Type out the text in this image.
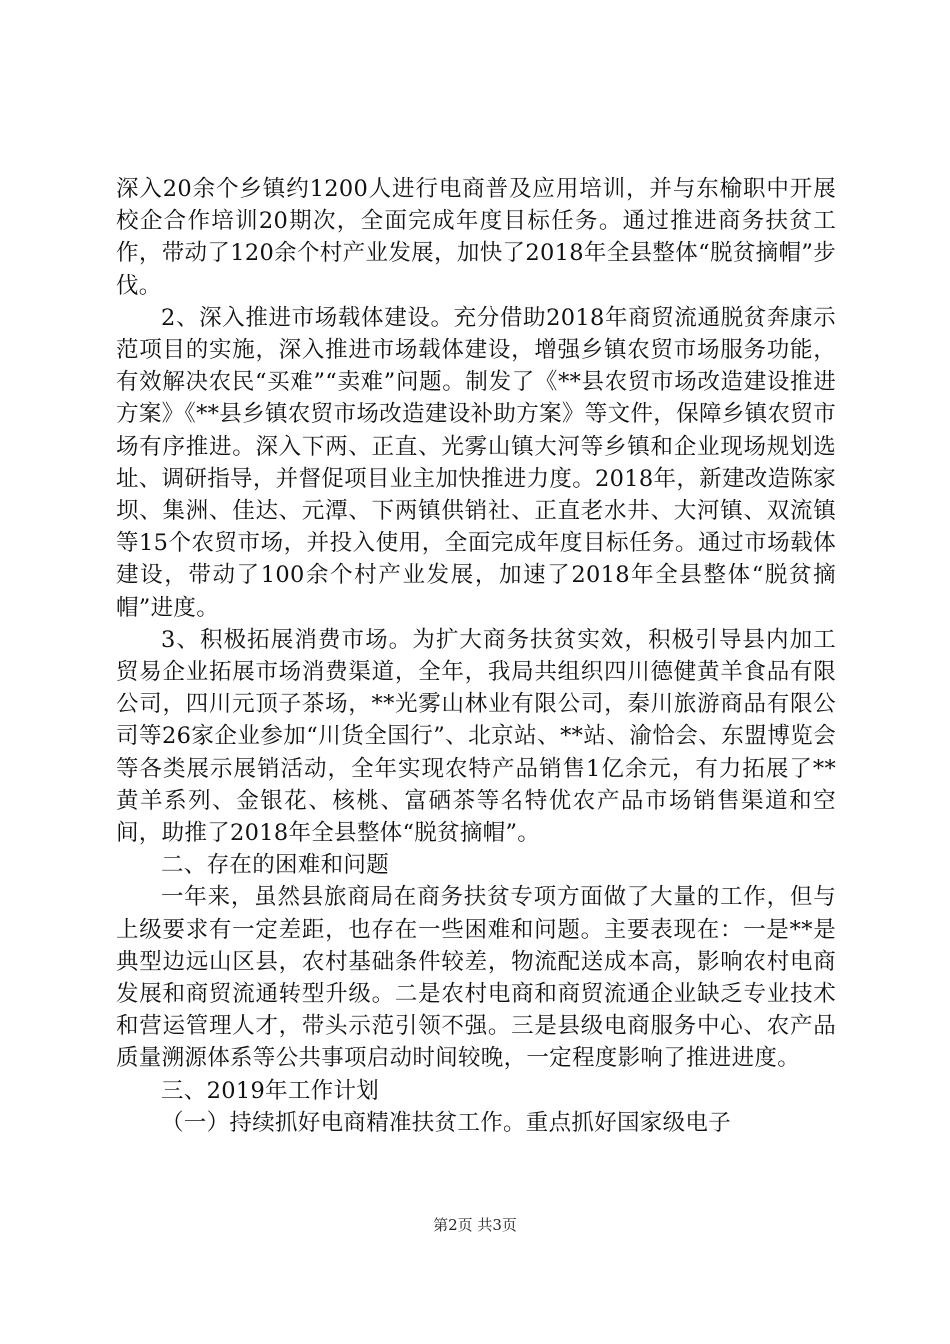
深入20余个乡镇约1200人进行电商普及应用培训，并与东榆职中开展校企合作培训20期次，全面完成年度目标任务。通过推进商务扶贫工作，带动了120余个村产业发展，加快了2018年全县整体“脱贫摘帽”步伐。

2、深入推进市场载体建设。充分借助2018年商贸流通脱贫奔康示范项目的实施，深入推进市场载体建设，增强乡镇农贸市场服务功能，有效解决农民“买难”“卖难”问题。制发了《**县农贸市场改造建设推进方案》《**县乡镇农贸市场改造建设补助方案》等文件，保障乡镇农贸市场有序推进。深入下两、正直、光雾山镇大河等乡镇和企业现场规划选址、调研指导，并督促项目业主加快推进力度。2018年，新建改造陈家坝、集洲、佳达、元潭、下两镇供销社、正直老水井、大河镇、双流镇等15个农贸市场，并投入使用，全面完成年度目标任务。通过市场载体建设，带动了100余个村产业发展，加速了2018年全县整体“脱贫摘帽”进度。

3、积极拓展消费市场。为扩大商务扶贫实效，积极引导县内加工贸易企业拓展市场消费渠道，全年，我局共组织四川德健黄羊食品有限公司，四川元顶子茶场，**光雾山林业有限公司，秦川旅游商品有限公司等26家企业参加“川货全国行”、北京站、**站、渝恰会、东盟博览会等各类展示展销活动，全年实现农特产品销售1亿余元，有力拓展了**黄羊系列、金银花、核桃、富硒茶等名特优农产品市场销售渠道和空间，助推了2018年全县整体“脱贫摘帽”。

二、存在的困难和问题

一年来，虽然县旅商局在商务扶贫专项方面做了大量的工作，但与上级要求有一定差距，也存在一些困难和问题。主要表现在：一是**是典型边远山区县，农村基础条件较差，物流配送成本高，影响农村电商发展和商贸流通转型升级。二是农村电商和商贸流通企业缺乏专业技术和营运管理人才，带头示范引领不强。三是县级电商服务中心、农产品质量溯源体系等公共事项启动时间较晚，一定程度影响了推进进度。

三、2019年工作计划

（一）持续抓好电商精准扶贫工作。重点抓好国家级电子

第2页 共3页
